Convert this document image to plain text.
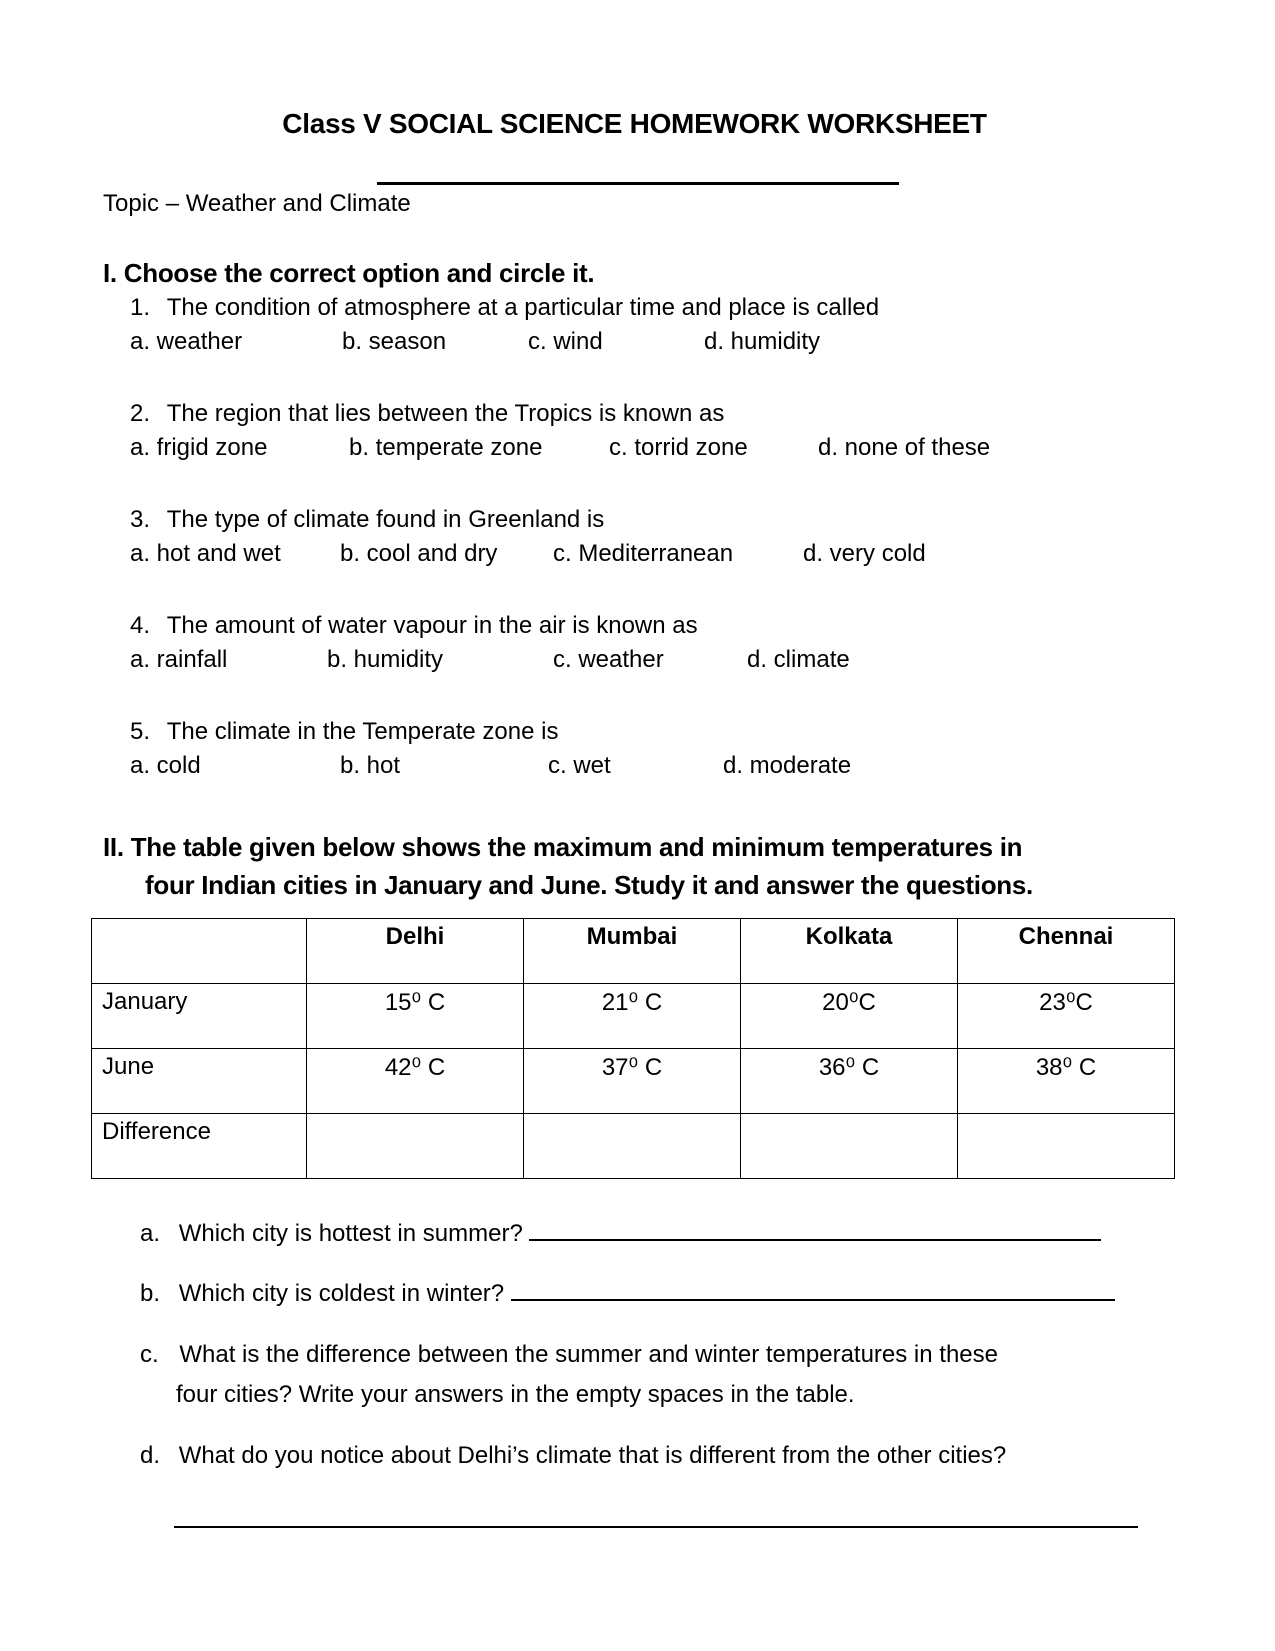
Class V SOCIAL SCIENCE HOMEWORK WORKSHEET
Topic – Weather and Climate
I. Choose the correct option and circle it.
1. The condition of atmosphere at a particular time and place is called
a. weather	b. season	c. wind	d. humidity
2. The region that lies between the Tropics is known as
a. frigid zone	b. temperate zone	c. torrid zone	d. none of these
3. The type of climate found in Greenland is
a. hot and wet b. cool and dry c. Mediterranean	d. very cold
4. The amount of water vapour in the air is known as
a. rainfall	b. humidity	c. weather	d. climate
5. The climate in the Temperate zone is
a. cold	b. hot	c. wet	d. moderate
II. The table given below shows the maximum and minimum temperatures in
four Indian cities in January and June. Study it and answer the questions.
	Delhi	Mumbai	Kolkata	Chennai
January	15⁰ C	21⁰ C	20⁰C	23⁰C
June	42⁰ C	37⁰ C	36⁰ C	38⁰ C
Difference				
a. Which city is hottest in summer?
b. Which city is coldest in winter?
c. What is the difference between the summer and winter temperatures in these
four cities? Write your answers in the empty spaces in the table.
d. What do you notice about Delhi’s climate that is different from the other cities?
